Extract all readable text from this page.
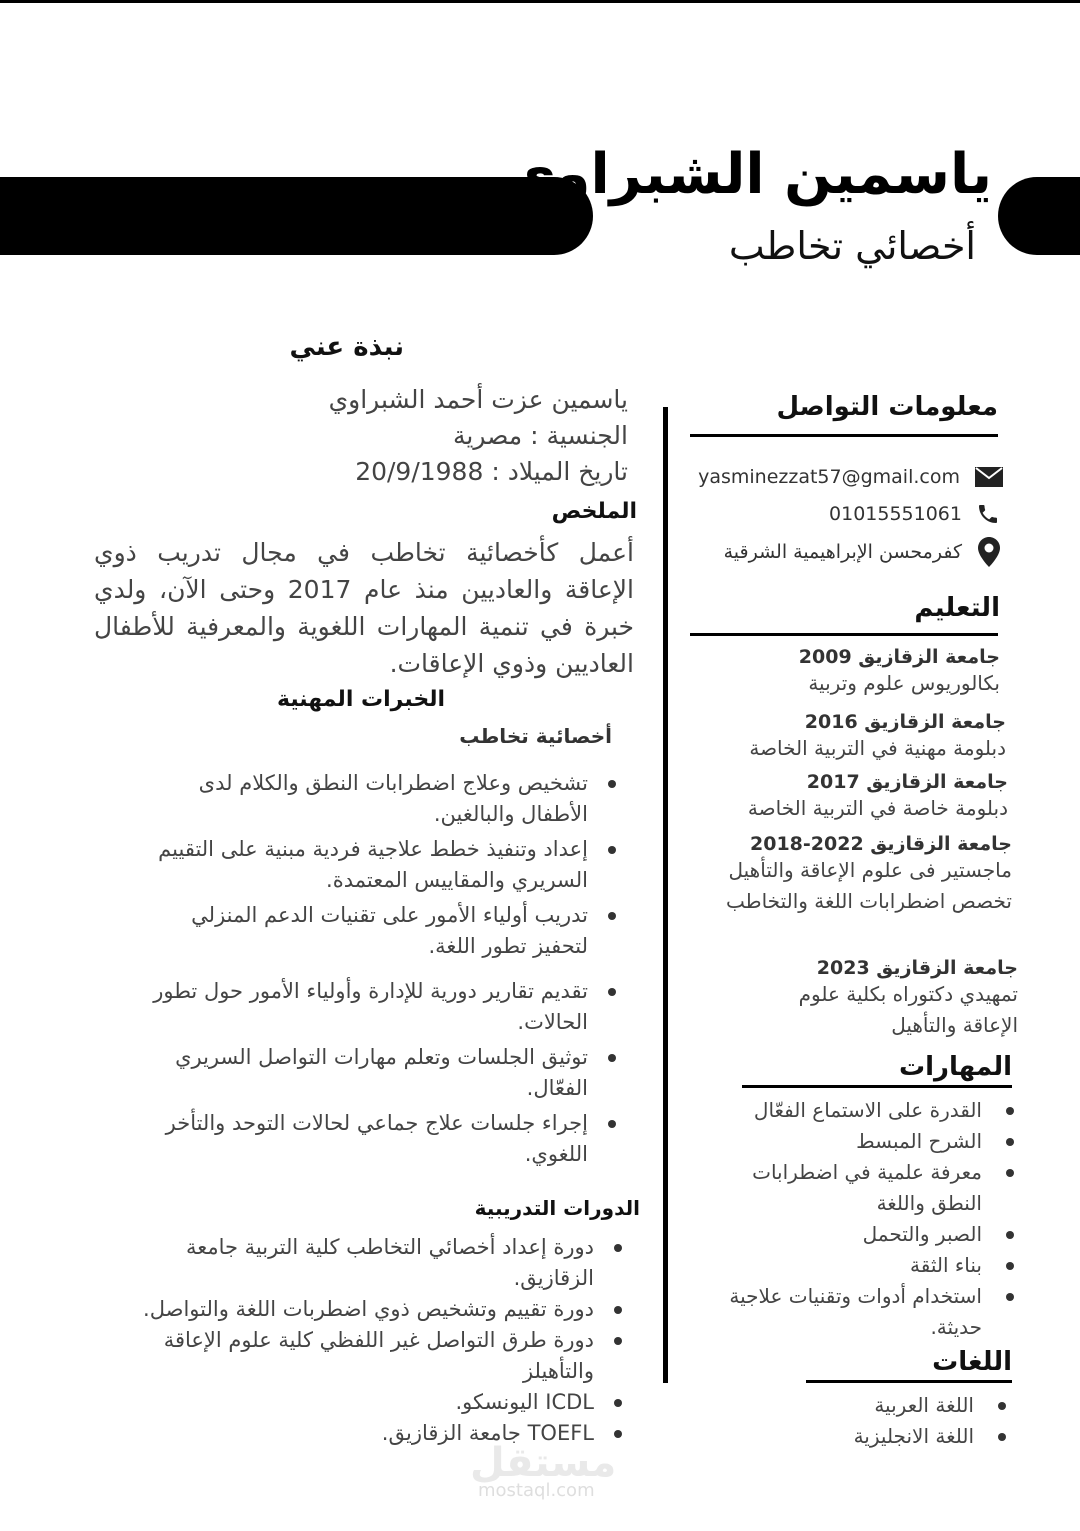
ياسمين الشبراوي
أخصائي تخاطب
معلومات التواصل
yasminezzat57@gmail.com
01015551061
كفرمحسن الإبراهيمية الشرقية
التعليم
جامعة الزقازيق 2009
بكالوريوس علوم وتربية
جامعة الزقازيق 2016
دبلومة مهنية في التربية الخاصة
جامعة الزقازيق 2017
دبلومة خاصة في التربية الخاصة
جامعة الزقازيق 2022-2018
ماجستير فى علوم الإعاقة والتأهيل تخصص اضطرابات اللغة والتخاطب
جامعة الزقازيق 2023
تمهيدي دكتوراه بكلية علوم الإعاقة والتأهيل
المهارات
القدرة على الاستماع الفعّال
الشرح المبسط
معرفة علمية في اضطرابات النطق واللغة
الصبر والتحمل
بناء الثقة
استخدام أدوات وتقنيات علاجية حديثة.
اللغات
اللغة العربية
اللغة الانجليزية
نبذة عني
ياسمين عزت أحمد الشبراوي
الجنسية : مصرية
تاريخ الميلاد : 20/9/1988
الملخص
أعمل كأخصائية تخاطب في مجال تدريب ذوي الإعاقة والعاديين منذ عام 2017 وحتى الآن، ولدي خبرة في تنمية المهارات اللغوية والمعرفية للأطفال العاديين وذوي الإعاقات.
الخبرات المهنية
أخصائية تخاطب
تشخيص وعلاج اضطرابات النطق والكلام لدى الأطفال والبالغين.
إعداد وتنفيذ خطط علاجية فردية مبنية على التقييم السريري والمقاييس المعتمدة.
تدريب أولياء الأمور على تقنيات الدعم المنزلي لتحفيز تطور اللغة.
تقديم تقارير دورية للإدارة وأولياء الأمور حول تطور الحالات.
توثيق الجلسات وتعلم مهارات التواصل السريري الفعّال.
إجراء جلسات علاج جماعي لحالات التوحد والتأخر اللغوي.
الدورات التدريبية
دورة إعداد أخصائي التخاطب كلية التربية جامعة الزقازيق.
دورة تقييم وتشخيص ذوي اضطربات اللغة والتواصل.
دورة طرق التواصل غير اللفظي كلية علوم الإعاقة والتأهيلز
ICDL اليونسكو.
TOEFL جامعة الزقازيق.
مستقل
mostaql.com
